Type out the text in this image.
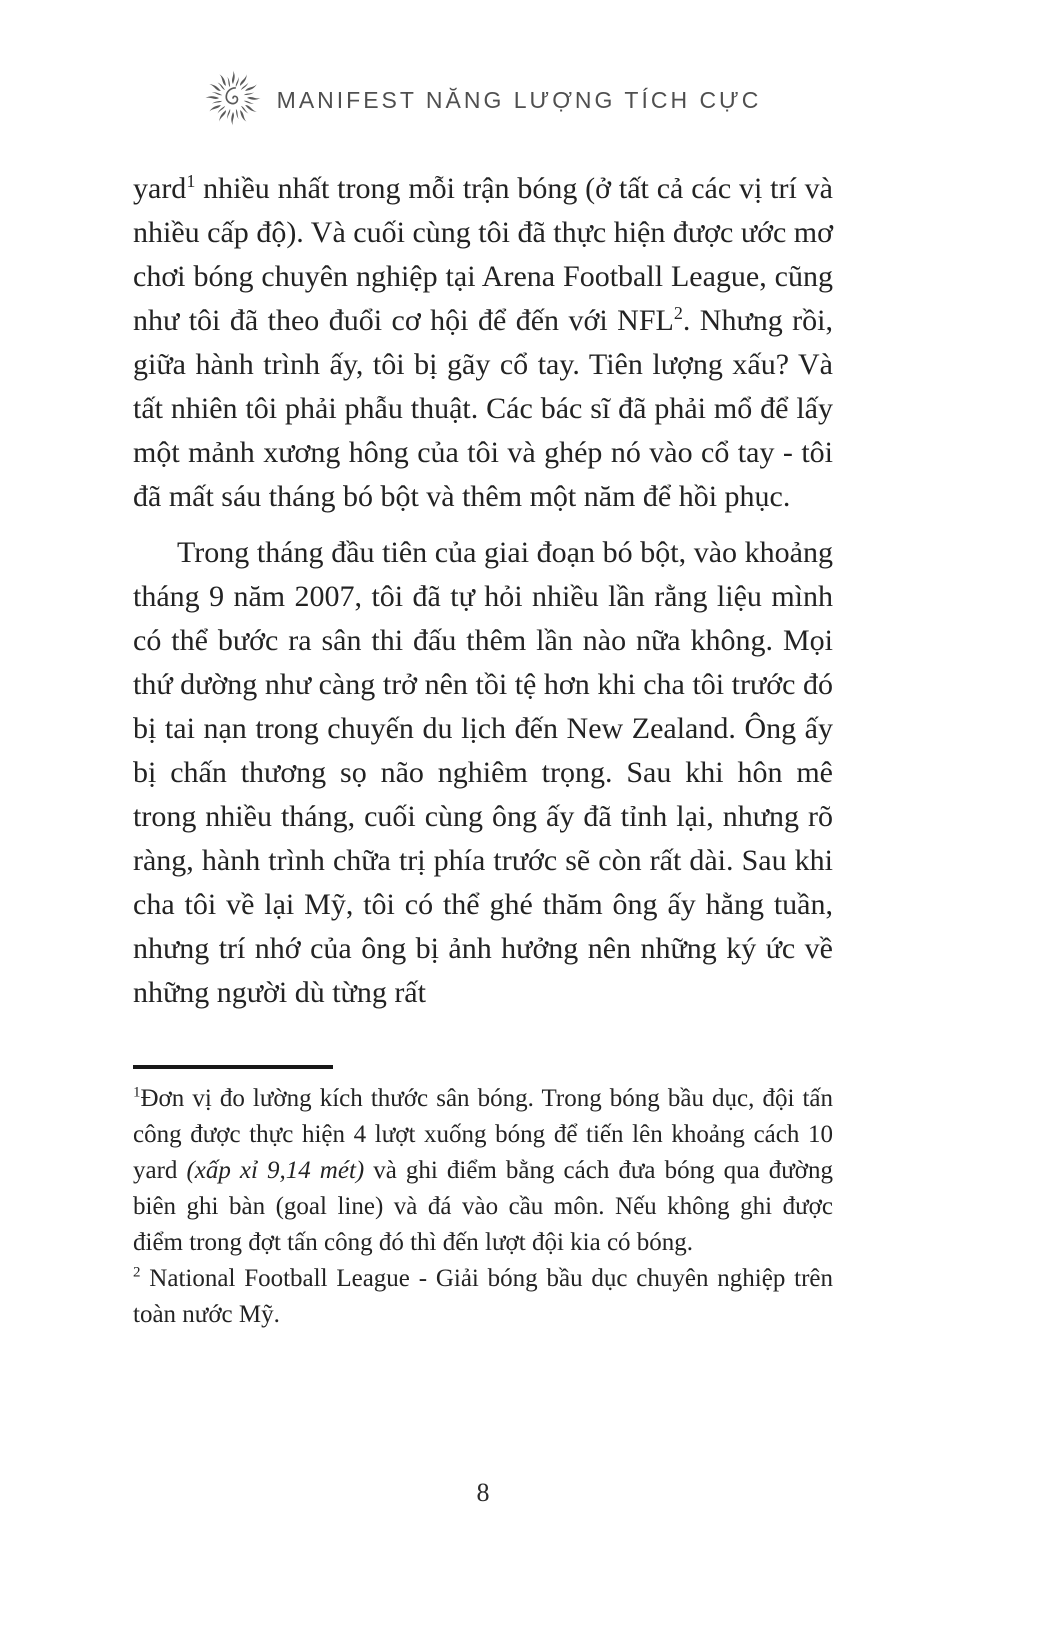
MANIFEST NĂNG LƯỢNG TÍCH CỰC

yard$^1$ nhiều nhất trong mỗi trận bóng (ở tất cả các vị trí và nhiều cấp độ). Và cuối cùng tôi đã thực hiện được ước mơ chơi bóng chuyên nghiệp tại Arena Football League, cũng như tôi đã theo đuổi cơ hội để đến với NFL$^2$. Nhưng rồi, giữa hành trình ấy, tôi bị gãy cổ tay. Tiên lượng xấu? Và tất nhiên tôi phải phẫu thuật. Các bác sĩ đã phải mổ để lấy một mảnh xương hông của tôi và ghép nó vào cổ tay - tôi đã mất sáu tháng bó bột và thêm một năm để hồi phục.

Trong tháng đầu tiên của giai đoạn bó bột, vào khoảng tháng 9 năm 2007, tôi đã tự hỏi nhiều lần rằng liệu mình có thể bước ra sân thi đấu thêm lần nào nữa không. Mọi thứ dường như càng trở nên tồi tệ hơn khi cha tôi trước đó bị tai nạn trong chuyến du lịch đến New Zealand. Ông ấy bị chấn thương sọ não nghiêm trọng. Sau khi hôn mê trong nhiều tháng, cuối cùng ông ấy đã tỉnh lại, nhưng rõ ràng, hành trình chữa trị phía trước sẽ còn rất dài. Sau khi cha tôi về lại Mỹ, tôi có thể ghé thăm ông ấy hằng tuần, nhưng trí nhớ của ông bị ảnh hưởng nên những ký ức về những người dù từng rất

$^1$Đơn vị đo lường kích thước sân bóng. Trong bóng bầu dục, đội tấn công được thực hiện 4 lượt xuống bóng để tiến lên khoảng cách 10 yard (xấp xỉ 9,14 mét) và ghi điểm bằng cách đưa bóng qua đường biên ghi bàn (goal line) và đá vào cầu môn. Nếu không ghi được điểm trong đợt tấn công đó thì đến lượt đội kia có bóng.

$^2$ National Football League - Giải bóng bầu dục chuyên nghiệp trên toàn nước Mỹ.

8
